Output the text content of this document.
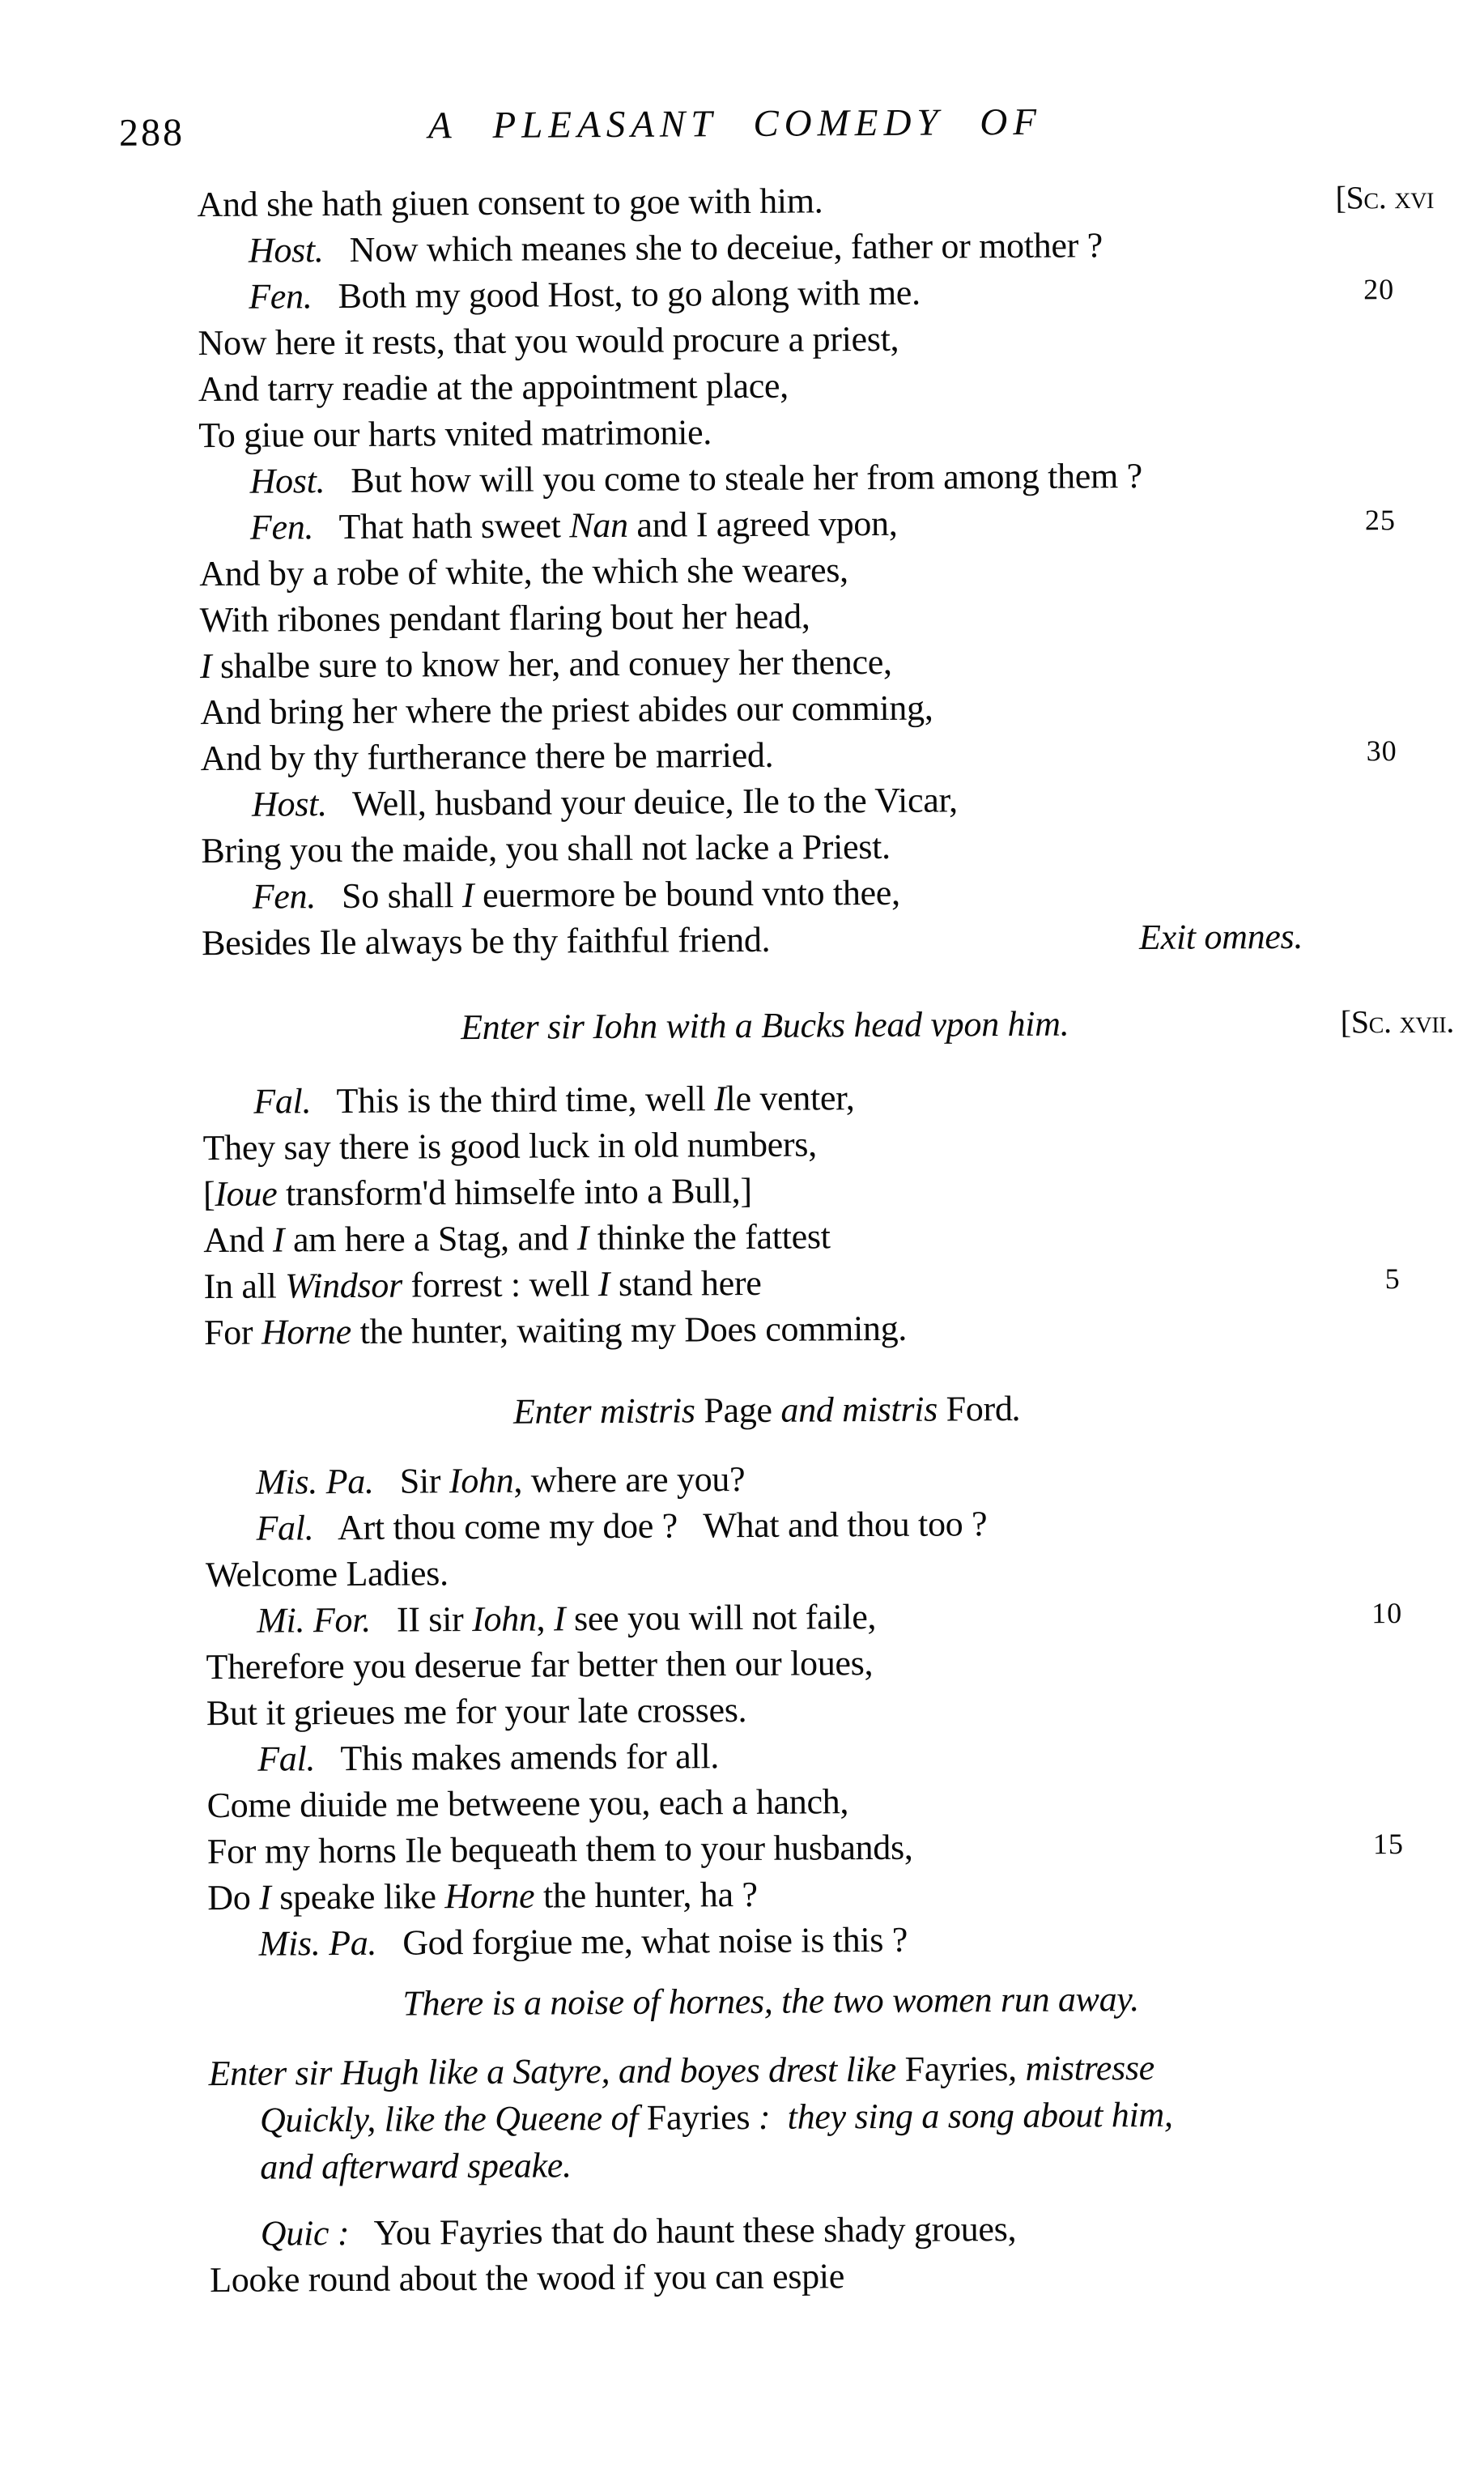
288	A PLEASANT COMEDY OF
And she hath giuen consent to goe with him.	[Sc. xvi
Host.   Now which meanes she to deceiue, father or mother ?
Fen.   Both my good Host, to go along with me.	20
Now here it rests, that you would procure a priest,
And tarry readie at the appointment place,
To giue our harts vnited matrimonie.
Host.   But how will you come to steale her from among them ?
Fen.   That hath sweet Nan and I agreed vpon,	25
And by a robe of white, the which she weares,
With ribones pendant flaring bout her head,
I shalbe sure to know her, and conuey her thence,
And bring her where the priest abides our comming,
And by thy furtherance there be married.	30
Host.   Well, husband your deuice, Ile to the Vicar,
Bring you the maide, you shall not lacke a Priest.
Fen.   So shall I euermore be bound vnto thee,
Besides Ile always be thy faithful friend.	Exit omnes.
Enter sir Iohn with a Bucks head vpon him.	[Sc. xvii.
Fal.   This is the third time, well Ile venter,
They say there is good luck in old numbers,
[Ioue transform'd himselfe into a Bull,]
And I am here a Stag, and I thinke the fattest
In all Windsor forrest : well I stand here	5
For Horne the hunter, waiting my Does comming.
Enter mistris Page and mistris Ford.
Mis. Pa.   Sir Iohn, where are you?
Fal.   Art thou come my doe ?   What and thou too ?
Welcome Ladies.
Mi. For.   II sir Iohn, I see you will not faile,	10
Therefore you deserue far better then our loues,
But it grieues me for your late crosses.
Fal.   This makes amends for all.
Come diuide me betweene you, each a hanch,
For my horns Ile bequeath them to your husbands,	15
Do I speake like Horne the hunter, ha ?
Mis. Pa.   God forgiue me, what noise is this ?
There is a noise of hornes, the two women run away.
Enter sir Hugh like a Satyre, and boyes drest like Fayries, mistresse
Quickly, like the Queene of Fayries :  they sing a song about him,
and afterward speake.
Quic :   You Fayries that do haunt these shady groues,
Looke round about the wood if you can espie
